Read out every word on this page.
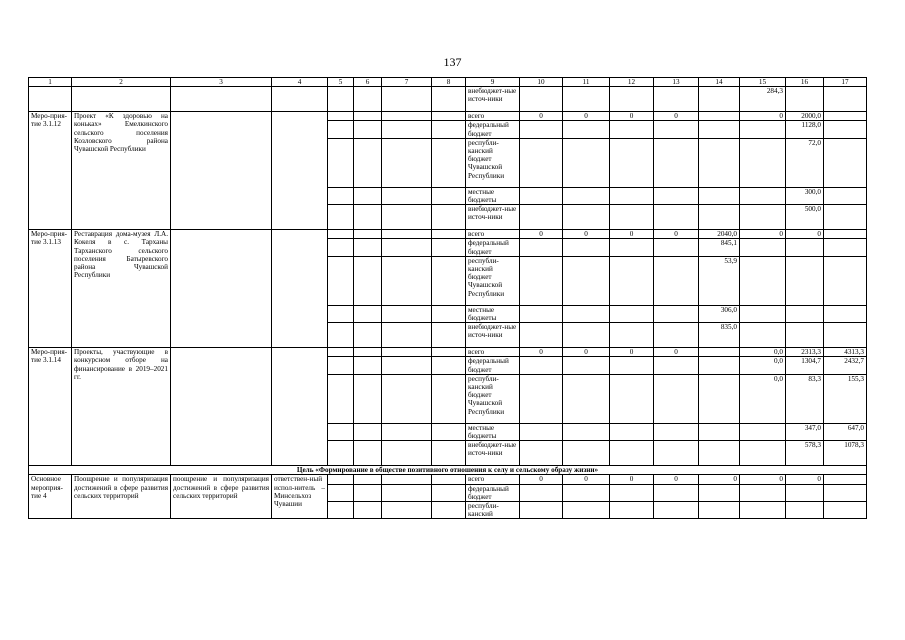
137
1	2	3	4	5	6	7	8	9	10	11	12	13	14	15	16	17
								внебюджет-ные источ-ники						284,3		
Меро-прия-тие 3.1.12	Проект «К здоровью на коньках» Емелкинского сельского поселения Козловского района Чувашской Республики							всего	0	0	0	0		0	2000,0	
								федеральный бюджет							1128,0	
								республи-канский бюджет Чувашской Республики							72,0	
								местные бюджеты							300,0	
								внебюджет-ные источ-ники							500,0	
Меро-прия-тие 3.1.13	Реставрация дома-музея Л.А. Кокеля в с. Тарханы Тарханского сельского поселения Батыревского района Чувашской Республики							всего	0	0	0	0	2040,0	0	0	
								федеральный бюджет					845,1			
								республи-канский бюджет Чувашской Республики					53,9			
								местные бюджеты					306,0			
								внебюджет-ные источ-ники					835,0			
Меро-прия-тие 3.1.14	Проекты, участвующие в конкурсном отборе на финансирование в 2019–2021 гг.							всего	0	0	0	0		0,0	2313,3	4313,3
								федеральный бюджет						0,0	1304,7	2432,7
								республи-канский бюджет Чувашской Республики						0,0	83,3	155,3
								местные бюджеты							347,0	647,0
								внебюджет-ные источ-ники							578,3	1078,3
Цель «Формирование в обществе позитивного отношения к селу и сельскому образу жизни»																
Основное мероприя-тие 4	Поощрение и популяризация достижений в сфере развития сельских территорий	поощрение и популяризация достижений в сфере развития сельских территорий	ответствен-ный испол-нитель – Минсельхоз Чувашии					всего	0	0	0	0	0	0	0	
								федеральный бюджет								
								республи-канский								
